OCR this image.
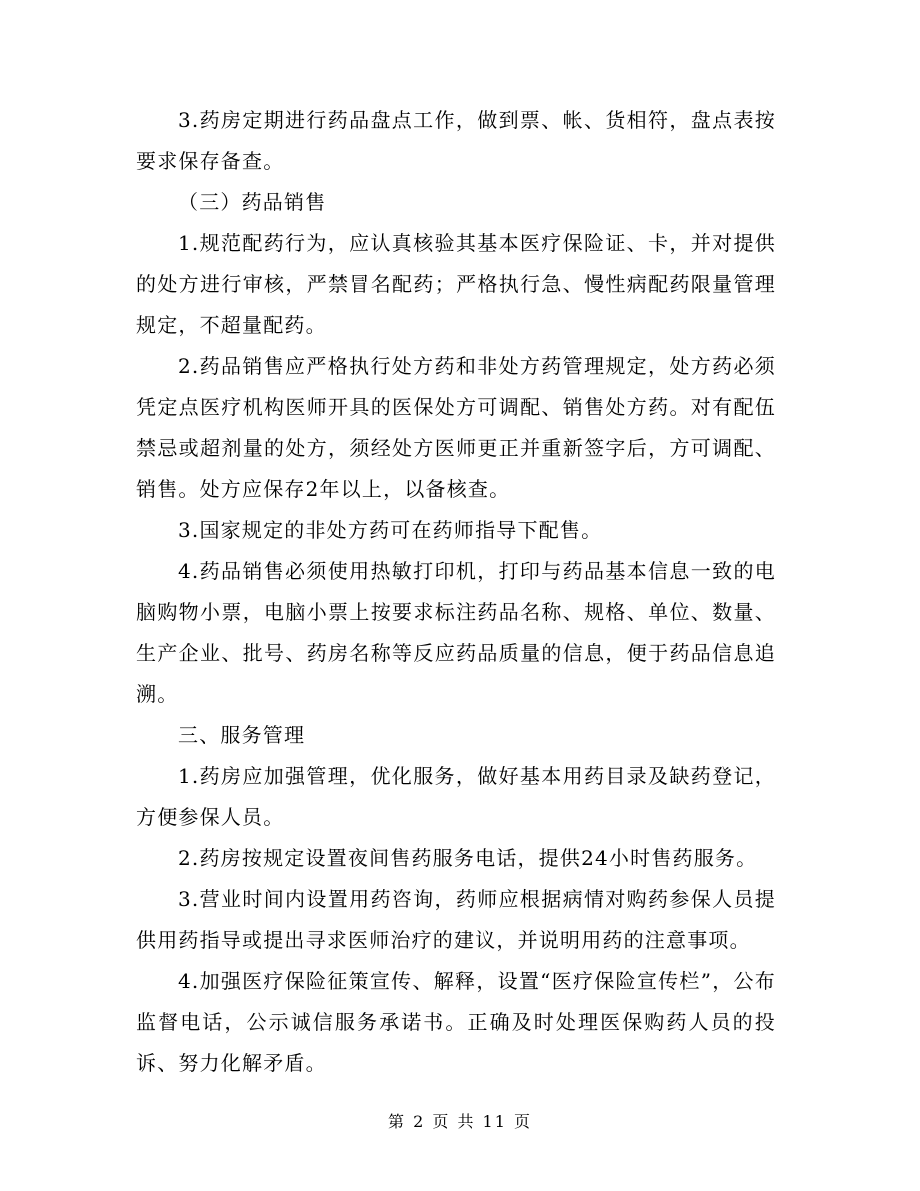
3.药房定期进行药品盘点工作，做到票、帐、货相符，盘点表按要求保存备查。

（三）药品销售

1.规范配药行为，应认真核验其基本医疗保险证、卡，并对提供的处方进行审核，严禁冒名配药；严格执行急、慢性病配药限量管理规定，不超量配药。

2.药品销售应严格执行处方药和非处方药管理规定，处方药必须凭定点医疗机构医师开具的医保处方可调配、销售处方药。对有配伍禁忌或超剂量的处方，须经处方医师更正并重新签字后，方可调配、销售。处方应保存2年以上，以备核查。

3.国家规定的非处方药可在药师指导下配售。

4.药品销售必须使用热敏打印机，打印与药品基本信息一致的电脑购物小票，电脑小票上按要求标注药品名称、规格、单位、数量、生产企业、批号、药房名称等反应药品质量的信息，便于药品信息追溯。

三、服务管理

1.药房应加强管理，优化服务，做好基本用药目录及缺药登记，方便参保人员。

2.药房按规定设置夜间售药服务电话，提供24小时售药服务。

3.营业时间内设置用药咨询，药师应根据病情对购药参保人员提供用药指导或提出寻求医师治疗的建议，并说明用药的注意事项。

4.加强医疗保险征策宣传、解释，设置“医疗保险宣传栏”，公布监督电话，公示诚信服务承诺书。正确及时处理医保购药人员的投诉、努力化解矛盾。

第 2 页 共 11 页
